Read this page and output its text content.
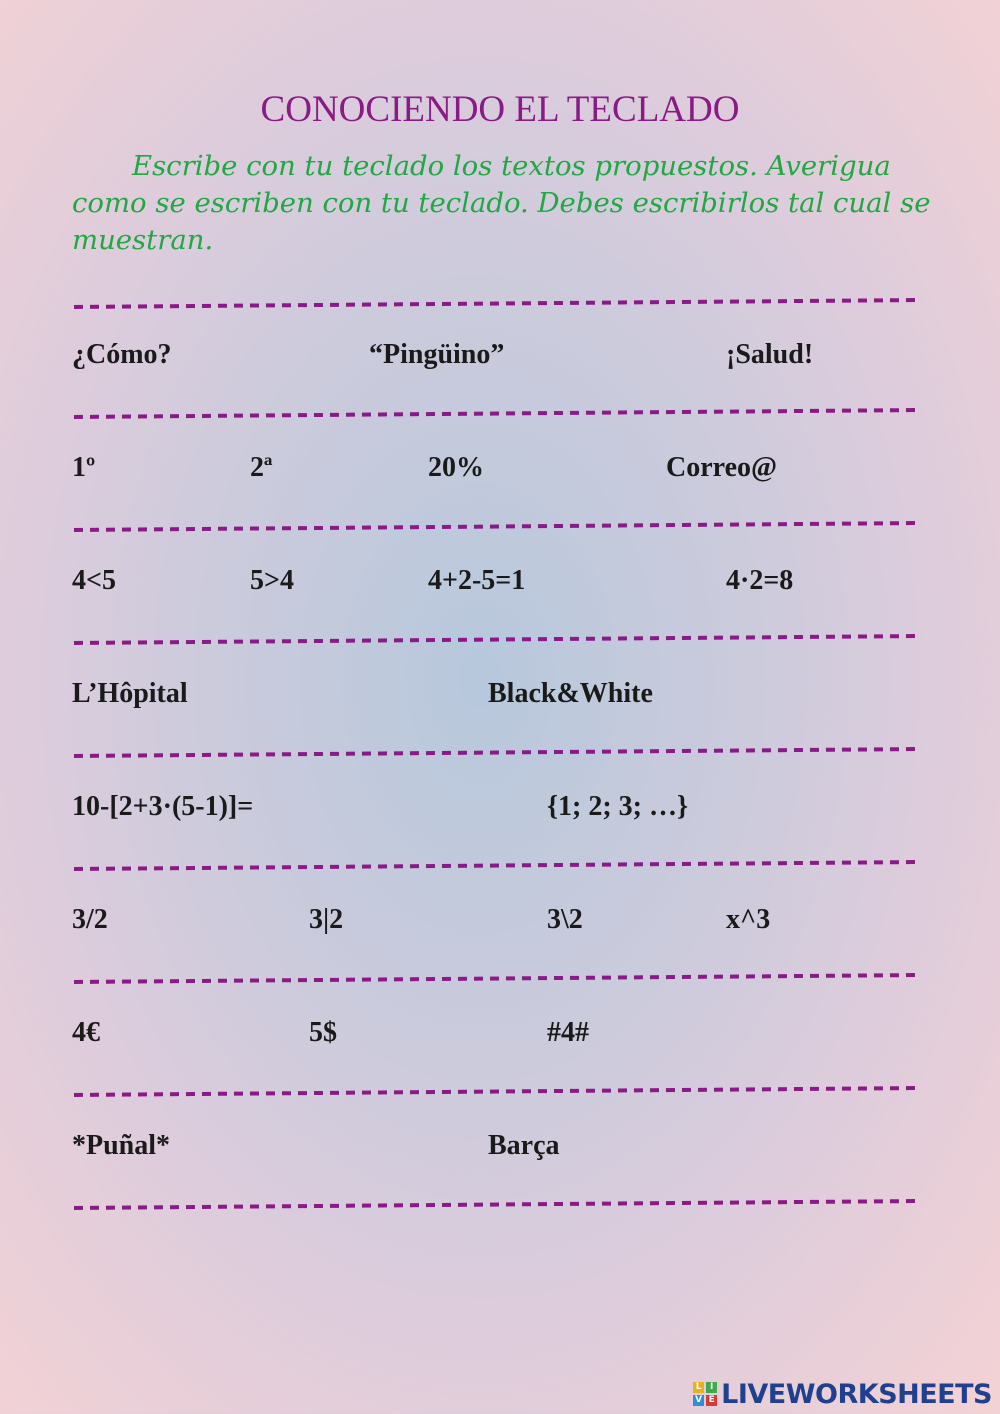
CONOCIENDO EL TECLADO

Escribe con tu teclado los textos propuestos. Averigua como se escriben con tu teclado. Debes escribirlos tal cual se muestran.

¿Cómo?	“Pingüino”	¡Salud!
1º	2ª	20%	Correo@
4<5	5>4	4+2-5=1	4·2=8
L’Hôpital	Black&White
10-[2+3·(5-1)]=	{1; 2; 3; …}
3/2	3|2	3\2	x^3
4€	5$	#4#
*Puñal*	Barça
L I
V E LIVEWORKSHEETS
